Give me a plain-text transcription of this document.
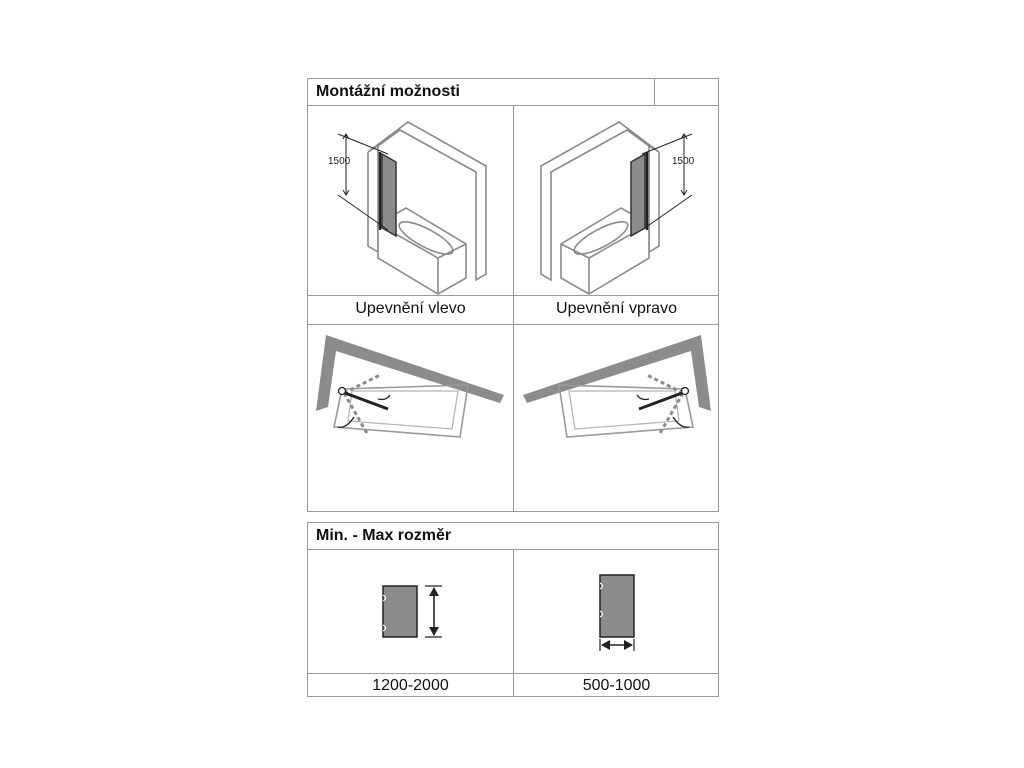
Montážní možnosti
1500	1500
Upevnění vlevo	Upevnění vpravo
Min. - Max rozměr
1200-2000	500-1000
